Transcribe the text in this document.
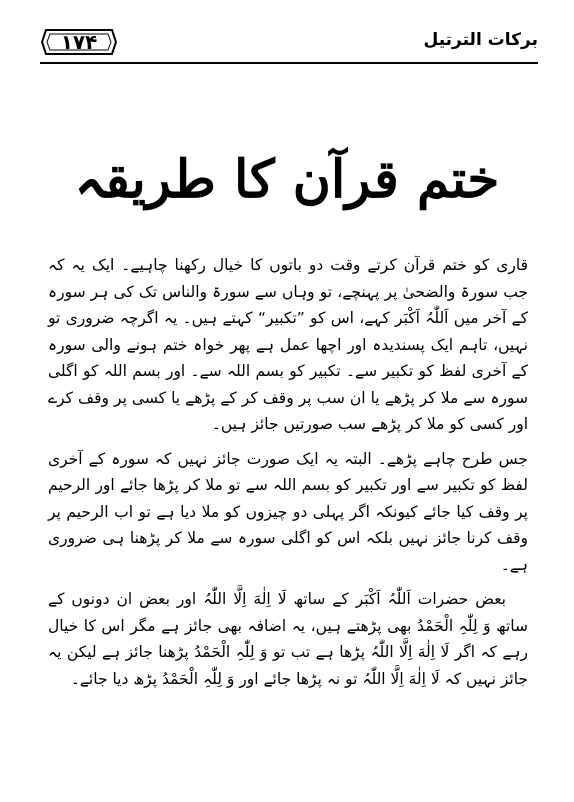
۱۷۴	برکات الترتیل
ختم قرآن کا طریقہ

قاری کو ختم قرآن کرتے وقت دو باتوں کا خیال رکھنا چاہیے۔ ایک یہ کہ جب سورۃ والضحیٰ پر پہنچے، تو وہاں سے سورۃ والناس تک کی ہر سورہ کے آخر میں اَللّٰہُ اَکْبَر کہے، اس کو ”تکبیر“ کہتے ہیں۔ یہ اگرچہ ضروری تو نہیں، تاہم ایک پسندیدہ اور اچھا عمل ہے پھر خواہ ختم ہونے والی سورہ کے آخری لفظ کو تکبیر سے۔ تکبیر کو بسم اللہ سے۔ اور بسم اللہ کو اگلی سورہ سے ملا کر پڑھے یا ان سب پر وقف کر کے پڑھے یا کسی پر وقف کرے اور کسی کو ملا کر پڑھے سب صورتیں جائز ہیں۔

جس طرح چاہے پڑھے۔ البتہ یہ ایک صورت جائز نہیں کہ سورہ کے آخری لفظ کو تکبیر سے اور تکبیر کو بسم اللہ سے تو ملا کر پڑھا جائے اور الرحیم پر وقف کیا جائے کیونکہ اگر پہلی دو چیزوں کو ملا دیا ہے تو اب الرحیم پر وقف کرنا جائز نہیں بلکہ اس کو اگلی سورہ سے ملا کر پڑھنا ہی ضروری ہے۔

بعض حضرات اَللّٰہُ اَکْبَر کے ساتھ لَا اِلٰهَ اِلَّا اللّٰہُ اور بعض ان دونوں کے ساتھ وَ لِلّٰہِ الْحَمْدُ بھی پڑھتے ہیں، یہ اضافہ بھی جائز ہے مگر اس کا خیال رہے کہ اگر لَا اِلٰهَ اِلَّا اللّٰہُ پڑھا ہے تب تو وَ لِلّٰہِ الْحَمْدُ پڑھنا جائز ہے لیکن یہ جائز نہیں کہ لَا اِلٰهَ اِلَّا اللّٰہُ تو نہ پڑھا جائے اور وَ لِلّٰہِ الْحَمْدُ پڑھ دیا جائے۔
